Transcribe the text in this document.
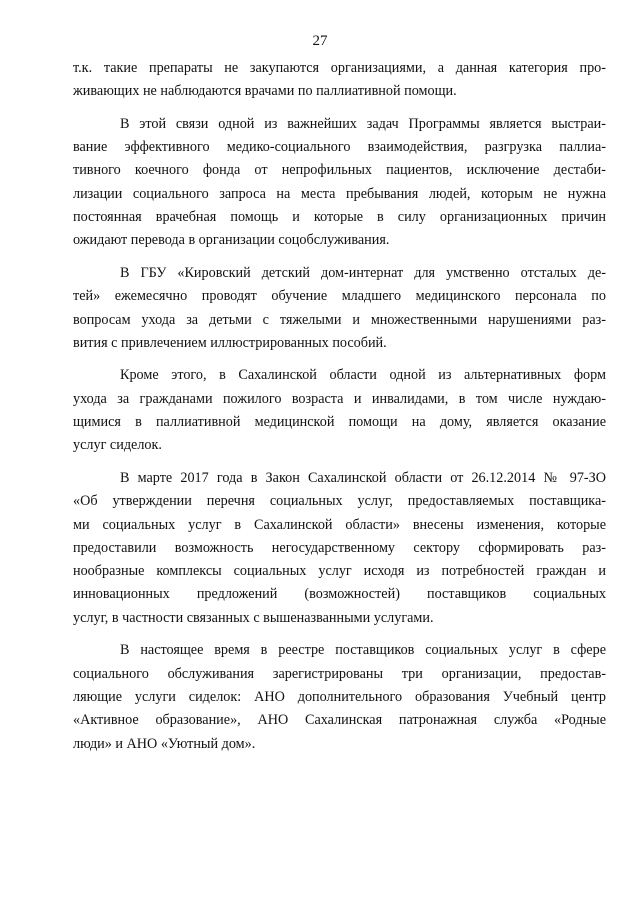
27

т.к. такие препараты не закупаются организациями, а данная категория про-
живающих не наблюдаются врачами по паллиативной помощи.

В этой связи одной из важнейших задач Программы является выстраи-
вание эффективного медико-социального взаимодействия, разгрузка паллиа-
тивного коечного фонда от непрофильных пациентов, исключение дестаби-
лизации социального запроса на места пребывания людей, которым не нужна
постоянная врачебная помощь и которые в силу организационных причин
ожидают перевода в организации соцобслуживания.

В ГБУ «Кировский детский дом-интернат для умственно отсталых де-
тей» ежемесячно проводят обучение младшего медицинского персонала по
вопросам ухода за детьми с тяжелыми и множественными нарушениями раз-
вития с привлечением иллюстрированных пособий.

Кроме этого, в Сахалинской области одной из альтернативных форм
ухода за гражданами пожилого возраста и инвалидами, в том числе нуждаю-
щимися в паллиативной медицинской помощи на дому, является оказание
услуг сиделок.

В марте 2017 года в Закон Сахалинской области от 26.12.2014 № 97-ЗО
«Об утверждении перечня социальных услуг, предоставляемых поставщика-
ми социальных услуг в Сахалинской области» внесены изменения, которые
предоставили возможность негосударственному сектору сформировать раз-
нообразные комплексы социальных услуг исходя из потребностей граждан и
инновационных предложений (возможностей) поставщиков социальных
услуг, в частности связанных с вышеназванными услугами.

В настоящее время в реестре поставщиков социальных услуг в сфере
социального обслуживания зарегистрированы три организации, предостав-
ляющие услуги сиделок: АНО дополнительного образования Учебный центр
«Активное образование», АНО Сахалинская патронажная служба «Родные
люди» и АНО «Уютный дом».
